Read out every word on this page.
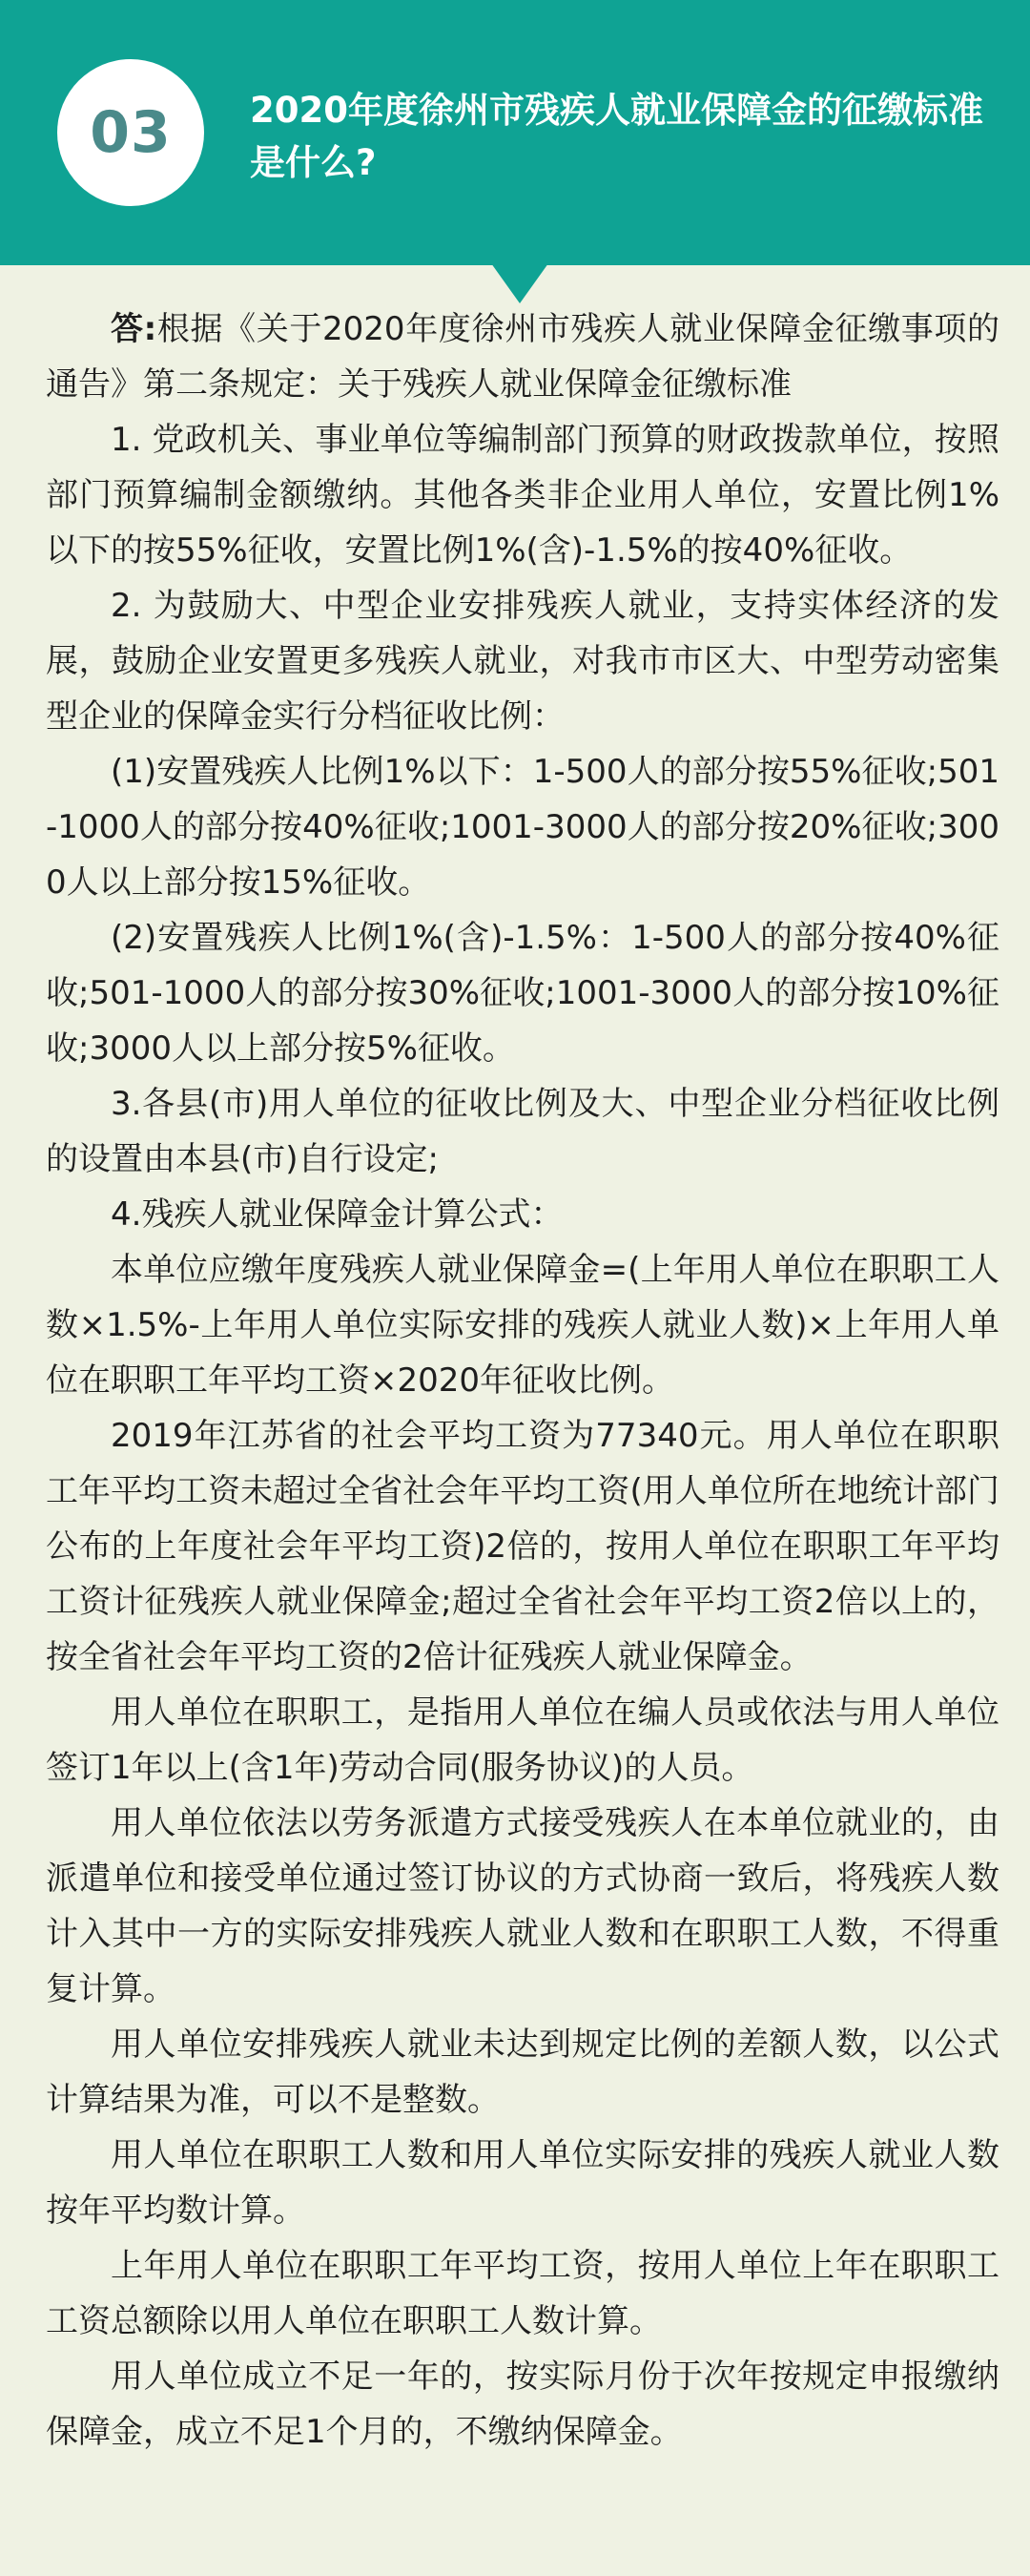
03 2020年度徐州市残疾人就业保障金的征缴标准是什么?

答:根据《关于2020年度徐州市残疾人就业保障金征缴事项的通告》第二条规定：关于残疾人就业保障金征缴标准

1. 党政机关、事业单位等编制部门预算的财政拨款单位，按照部门预算编制金额缴纳。其他各类非企业用人单位，安置比例1%以下的按55%征收，安置比例1%(含)-1.5%的按40%征收。

2. 为鼓励大、中型企业安排残疾人就业，支持实体经济的发展，鼓励企业安置更多残疾人就业，对我市市区大、中型劳动密集型企业的保障金实行分档征收比例：

(1)安置残疾人比例1%以下：1-500人的部分按55%征收;501-1000人的部分按40%征收;1001-3000人的部分按20%征收;3000人以上部分按15%征收。

(2)安置残疾人比例1%(含)-1.5%：1-500人的部分按40%征收;501-1000人的部分按30%征收;1001-3000人的部分按10%征收;3000人以上部分按5%征收。

3.各县(市)用人单位的征收比例及大、中型企业分档征收比例的设置由本县(市)自行设定;

4.残疾人就业保障金计算公式：

本单位应缴年度残疾人就业保障金=(上年用人单位在职职工人数×1.5%-上年用人单位实际安排的残疾人就业人数)×上年用人单位在职职工年平均工资×2020年征收比例。

2019年江苏省的社会平均工资为77340元。用人单位在职职工年平均工资未超过全省社会年平均工资(用人单位所在地统计部门公布的上年度社会年平均工资)2倍的，按用人单位在职职工年平均工资计征残疾人就业保障金;超过全省社会年平均工资2倍以上的，按全省社会年平均工资的2倍计征残疾人就业保障金。

用人单位在职职工，是指用人单位在编人员或依法与用人单位签订1年以上(含1年)劳动合同(服务协议)的人员。

用人单位依法以劳务派遣方式接受残疾人在本单位就业的，由派遣单位和接受单位通过签订协议的方式协商一致后，将残疾人数计入其中一方的实际安排残疾人就业人数和在职职工人数，不得重复计算。

用人单位安排残疾人就业未达到规定比例的差额人数，以公式计算结果为准，可以不是整数。

用人单位在职职工人数和用人单位实际安排的残疾人就业人数按年平均数计算。

上年用人单位在职职工年平均工资，按用人单位上年在职职工工资总额除以用人单位在职职工人数计算。

用人单位成立不足一年的，按实际月份于次年按规定申报缴纳保障金，成立不足1个月的，不缴纳保障金。
